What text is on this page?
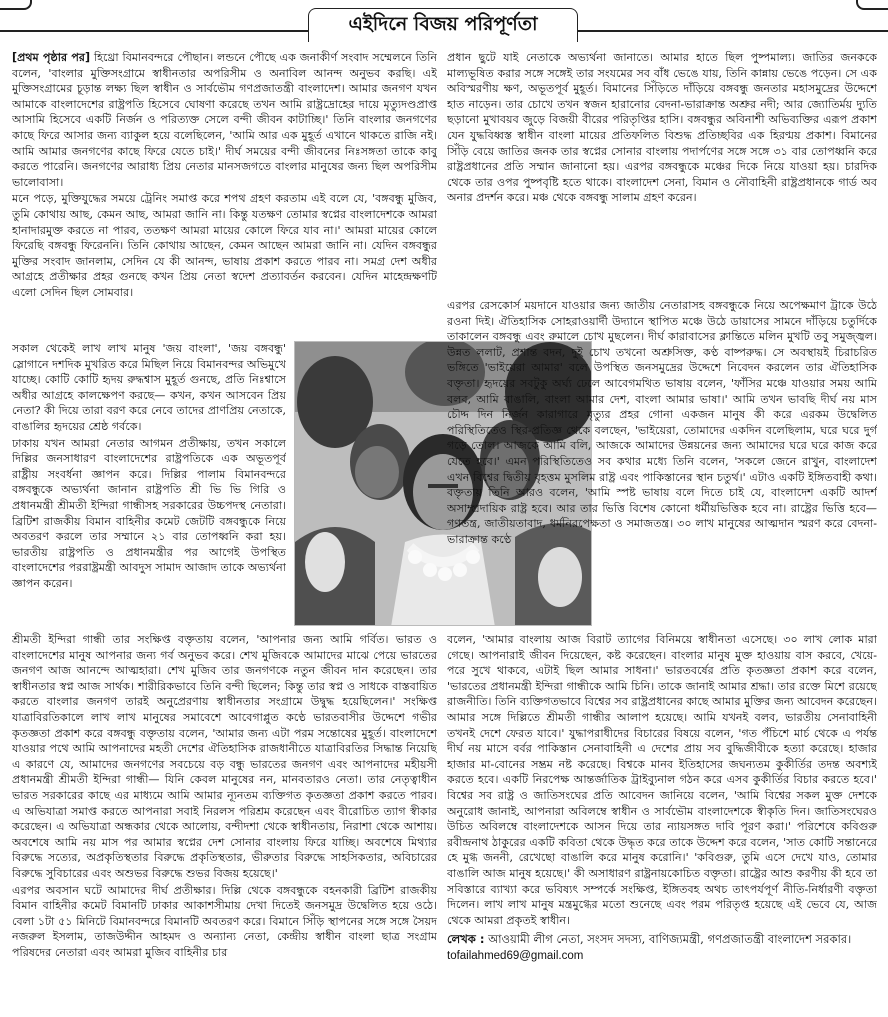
এইদিনে বিজয় পরিপূর্ণতা

[প্রথম পৃষ্ঠার পর] হিথ্রো বিমানবন্দরে পৌছান। লন্ডনে পৌছে এক জনাকীর্ণ সংবাদ সম্মেলনে তিনি বলেন, 'বাংলার মুক্তিসংগ্রামে স্বাধীনতার অপরিসীম ও অনাবিল আনন্দ অনুভব করছি। এই মুক্তিসংগ্রামের চূড়ান্ত লক্ষ্য ছিল স্বাধীন ও সার্বভৌম গণপ্রজাতন্ত্রী বাংলাদেশ। আমার জনগণ যখন আমাকে বাংলাদেশের রাষ্ট্রপতি হিসেবে ঘোষণা করেছে তখন আমি রাষ্ট্রদ্রোহের দায়ে মৃত্যুদণ্ডপ্রাপ্ত আসামি হিসেবে একটি নির্জন ও পরিত্যক্ত সেলে বন্দী জীবন কাটাচ্ছি।' তিনি বাংলার জনগণের কাছে ফিরে আসার জন্য ব্যাকুল হয়ে বলেছিলেন, 'আমি আর এক মুহূর্ত এখানে থাকতে রাজি নই। আমি আমার জনগণের কাছে ফিরে যেতে চাই।' দীর্ঘ সময়ের বন্দী জীবনের নিঃসঙ্গতা তাকে কাবু করতে পারেনি। জনগণের আরাধ্য প্রিয় নেতার মানসজগতে বাংলার মানুষের জন্য ছিল অপরিসীম ভালোবাসা।

মনে পড়ে, মুক্তিযুদ্ধের সময়ে ট্রেনিং সমাপ্ত করে শপথ গ্রহণ করতাম এই বলে যে, 'বঙ্গবন্ধু মুজিব, তুমি কোথায় আছ, কেমন আছ, আমরা জানি না। কিন্তু যতক্ষণ তোমার স্বপ্নের বাংলাদেশকে আমরা হানাদারমুক্ত করতে না পারব, ততক্ষণ আমরা মায়ের কোলে ফিরে যাব না।' আমরা মায়ের কোলে ফিরেছি বঙ্গবন্ধু ফিরেননি। তিনি কোথায় আছেন, কেমন আছেন আমরা জানি না। যেদিন বঙ্গবন্ধুর মুক্তির সংবাদ জানলাম, সেদিন যে কী আনন্দ, ভাষায় প্রকাশ করতে পারব না। সমগ্র দেশ অধীর আগ্রহে প্রতীক্ষার প্রহর গুনছে কখন প্রিয় নেতা স্বদেশ প্রত্যাবর্তন করবেন। যেদিন মাহেন্দ্রক্ষণটি এলো সেদিন ছিল সোমবার।

সকাল থেকেই লাখ লাখ মানুষ 'জয় বাংলা', 'জয় বঙ্গবন্ধু' স্লোগানে দশদিক মুখরিত করে মিছিল নিয়ে বিমানবন্দর অভিমুখে যাচ্ছে। কোটি কোটি হৃদয় রুদ্ধশ্বাস মুহূর্ত গুনছে, প্রতি নিঃশ্বাসে অধীর আগ্রহে কালক্ষেপণ করছে— কখন, কখন আসবেন প্রিয় নেতা? কী দিয়ে তারা বরণ করে নেবে তাদের প্রাণপ্রিয় নেতাকে, বাঙালির হৃদয়ের শ্রেষ্ঠ গর্বকে।

ঢাকায় যখন আমরা নেতার আগমন প্রতীক্ষায়, তখন সকালে দিল্লির জনসাধারণ বাংলাদেশের রাষ্ট্রপতিকে এক অভূতপূর্ব রাষ্ট্রীয় সংবর্ধনা জ্ঞাপন করে। দিল্লির পালাম বিমানবন্দরে বঙ্গবন্ধুকে অভ্যর্থনা জানান রাষ্ট্রপতি শ্রী ভি ভি গিরি ও প্রধানমন্ত্রী শ্রীমতী ইন্দিরা গান্ধীসহ সরকারের উচ্চপদস্থ নেতারা। ব্রিটিশ রাজকীয় বিমান বাহিনীর কমেট জেটটি বঙ্গবন্ধুকে নিয়ে অবতরণ করলে তার সম্মানে ২১ বার তোপধ্বনি করা হয়। ভারতীয় রাষ্ট্রপতি ও প্রধানমন্ত্রীর পর আগেই উপস্থিত বাংলাদেশের পররাষ্ট্রমন্ত্রী আবদুস সামাদ আজাদ তাকে অভ্যর্থনা জ্ঞাপন করেন।

প্রধান ছুটে যাই নেতাকে অভ্যর্থনা জানাতে। আমার হাতে ছিল পুষ্পমাল্য। জাতির জনককে মাল্যভূষিত করার সঙ্গে সঙ্গেই তার সংযমের সব বাঁধ ভেঙে যায়, তিনি কান্নায় ভেঙে পড়েন। সে এক অবিস্মরণীয় ক্ষণ, অভূতপূর্ব মুহূর্ত। বিমানের সিঁড়িতে দাঁড়িয়ে বঙ্গবন্ধু জনতার মহাসমুদ্রের উদ্দেশে হাত নাড়েন। তার চোখে তখন স্বজন হারানোর বেদনা-ভারাক্রান্ত অশ্রুর নদী; আর জ্যোতির্ময় দ্যুতি ছড়ানো মুখাবয়ব জুড়ে বিজয়ী বীরের পরিতৃপ্তির হাসি। বঙ্গবন্ধুর অবিনাশী অভিব্যক্তির এরূপ প্রকাশ যেন যুদ্ধবিধ্বস্ত স্বাধীন বাংলা মায়ের প্রতিফলিত বিশুদ্ধ প্রতিচ্ছবির এক হিরণ্ময় প্রকাশ। বিমানের সিঁড়ি বেয়ে জাতির জনক তার স্বপ্নের সোনার বাংলায় পদার্পণের সঙ্গে সঙ্গে ৩১ বার তোপধ্বনি করে রাষ্ট্রপ্রধানের প্রতি সম্মান জানানো হয়। এরপর বঙ্গবন্ধুকে মঞ্চের দিকে নিয়ে যাওয়া হয়। চারদিক থেকে তার ওপর পুষ্পবৃষ্টি হতে থাকে। বাংলাদেশ সেনা, বিমান ও নৌবাহিনী রাষ্ট্রপ্রধানকে গার্ড অব অনার প্রদর্শন করে। মঞ্চ থেকে বঙ্গবন্ধু সালাম গ্রহণ করেন।

এরপর রেসকোর্স ময়দানে যাওয়ার জন্য জাতীয় নেতারাসহ বঙ্গবন্ধুকে নিয়ে অপেক্ষমাণ ট্রাকে উঠে রওনা দিই। ঐতিহাসিক সোহরাওয়ার্দী উদ্যানে স্থাপিত মঞ্চে উঠে ডায়াসের সামনে দাঁড়িয়ে চতুর্দিকে তাকালেন বঙ্গবন্ধু এবং রুমালে চোখ মুছলেন। দীর্ঘ কারাবাসের ক্লান্তিতে মলিন মুখটি তবু সমুজ্জ্বল। উন্নত ললাট, প্রশান্ত বদন, দুই চোখ তখনো অশ্রুসিক্ত, কণ্ঠ বাষ্পরুদ্ধ। সে অবস্থায়ই চিরাচরিত ভঙ্গিতে 'ভাইয়েরা আমার' বলে উপস্থিত জনসমুদ্রের উদ্দেশে নিবেদন করলেন তার ঐতিহাসিক বক্তৃতা। হৃদয়ের সবটুকু অর্ঘ্য ঢেলে আবেগমথিত ভাষায় বলেন, 'ফাঁসির মঞ্চে যাওয়ার সময় আমি বলব, আমি বাঙালি, বাংলা আমার দেশ, বাংলা আমার ভাষা।' আমি তখন ভাবছি দীর্ঘ নয় মাস চৌদ্দ দিন নির্জন কারাগারে মৃত্যুর প্রহর গোনা একজন মানুষ কী করে এরকম উদ্বেলিত পরিস্থিতিতেও স্থির-প্রতিজ্ঞ থেকে বলছেন, 'ভাইয়েরা, তোমাদের একদিন বলেছিলাম, ঘরে ঘরে দুর্গ গড়ে তোল। আজকে আমি বলি, আজকে আমাদের উন্নয়নের জন্য আমাদের ঘরে ঘরে কাজ করে যেতে হবে।' এমন পরিস্থিতিতেও সব কথার মধ্যে তিনি বলেন, 'সকলে জেনে রাখুন, বাংলাদেশ এখন বিশ্বের দ্বিতীয় বৃহত্তম মুসলিম রাষ্ট্র এবং পাকিস্তানের স্থান চতুর্থ।' এটাও একটি ইঙ্গিতবাহী কথা। বক্তৃতায় তিনি আরও বলেন, 'আমি স্পষ্ট ভাষায় বলে দিতে চাই যে, বাংলাদেশ একটি আদর্শ অসাম্প্রদায়িক রাষ্ট্র হবে। আর তার ভিত্তি বিশেষ কোনো ধর্মীয়ভিত্তিক হবে না। রাষ্ট্রের ভিত্তি হবে— গণতন্ত্র, জাতীয়তাবাদ, ধর্মনিরপেক্ষতা ও সমাজতন্ত্র। ৩০ লাখ মানুষের আত্মদান স্মরণ করে বেদনা-ভারাক্রান্ত কণ্ঠে

শ্রীমতী ইন্দিরা গান্ধী তার সংক্ষিপ্ত বক্তৃতায় বলেন, 'আপনার জন্য আমি গর্বিত। ভারত ও বাংলাদেশের মানুষ আপনার জন্য গর্ব অনুভব করে। শেখ মুজিবকে আমাদের মাঝে পেয়ে ভারতের জনগণ আজ আনন্দে আত্মহারা। শেখ মুজিব তার জনগণকে নতুন জীবন দান করেছেন। তার স্বাধীনতার স্বপ্ন আজ সার্থক। শারীরিকভাবে তিনি বন্দী ছিলেন; কিন্তু তার স্বপ্ন ও সাধকে বাস্তবায়িত করতে বাংলার জনগণ তারই অনুপ্রেরণায় স্বাধীনতার সংগ্রামে উদ্বুদ্ধ হয়েছিলেন।' সংক্ষিপ্ত যাত্রাবিরতিকালে লাখ লাখ মানুষের সমাবেশে আবেগাপ্লুত কণ্ঠে ভারতবাসীর উদ্দেশে গভীর কৃতজ্ঞতা প্রকাশ করে বঙ্গবন্ধু বক্তৃতায় বলেন, 'আমার জন্য এটা পরম সন্তোষের মুহূর্ত। বাংলাদেশে যাওয়ার পথে আমি আপনাদের মহতী দেশের ঐতিহাসিক রাজধানীতে যাত্রাবিরতির সিদ্ধান্ত নিয়েছি এ কারণে যে, আমাদের জনগণের সবচেয়ে বড় বন্ধু ভারতের জনগণ এবং আপনাদের মহীয়সী প্রধানমন্ত্রী শ্রীমতী ইন্দিরা গান্ধী— যিনি কেবল মানুষের নন, মানবতারও নেতা। তার নেতৃত্বাধীন ভারত সরকারের কাছে এর মাধ্যমে আমি আমার ন্যূনতম ব্যক্তিগত কৃতজ্ঞতা প্রকাশ করতে পারব। এ অভিযাত্রা সমাপ্ত করতে আপনারা সবাই নিরলস পরিশ্রম করেছেন এবং বীরোচিত ত্যাগ স্বীকার করেছেন। এ অভিযাত্রা অন্ধকার থেকে আলোয়, বন্দীদশা থেকে স্বাধীনতায়, নিরাশা থেকে আশায়। অবশেষে আমি নয় মাস পর আমার স্বপ্নের দেশ সোনার বাংলায় ফিরে যাচ্ছি। অবশেষে মিথ্যার বিরুদ্ধে সত্যের, অপ্রকৃতিস্থতার বিরুদ্ধে প্রকৃতিস্থতার, ভীরুতার বিরুদ্ধে সাহসিকতার, অবিচারের বিরুদ্ধে সুবিচারের এবং অশুভর বিরুদ্ধে শুভর বিজয় হয়েছে।'

এরপর অবসান ঘটে আমাদের দীর্ঘ প্রতীক্ষার। দিল্লি থেকে বঙ্গবন্ধুকে বহনকারী ব্রিটিশ রাজকীয় বিমান বাহিনীর কমেট বিমানটি ঢাকার আকাশসীমায় দেখা দিতেই জনসমুদ্র উদ্বেলিত হয়ে ওঠে। বেলা ১টা ৫১ মিনিটে বিমানবন্দরে বিমানটি অবতরণ করে। বিমানে সিঁড়ি স্থাপনের সঙ্গে সঙ্গে সৈয়দ নজরুল ইসলাম, তাজউদ্দীন আহমদ ও অন্যান্য নেতা, কেন্দ্রীয় স্বাধীন বাংলা ছাত্র সংগ্রাম পরিষদের নেতারা এবং আমরা মুজিব বাহিনীর চার

বলেন, 'আমার বাংলায় আজ বিরাট ত্যাগের বিনিময়ে স্বাধীনতা এসেছে। ৩০ লাখ লোক মারা গেছে। আপনারাই জীবন দিয়েছেন, কষ্ট করেছেন। বাংলার মানুষ মুক্ত হাওয়ায় বাস করবে, খেয়ে-পরে সুখে থাকবে, এটাই ছিল আমার সাধনা।' ভারতবর্ষের প্রতি কৃতজ্ঞতা প্রকাশ করে বলেন, 'ভারতের প্রধানমন্ত্রী ইন্দিরা গান্ধীকে আমি চিনি। তাকে জানাই আমার শ্রদ্ধা। তার রক্তে মিশে রয়েছে রাজনীতি। তিনি ব্যক্তিগতভাবে বিশ্বের সব রাষ্ট্রপ্রধানের কাছে আমার মুক্তির জন্য আবেদন করেছেন। আমার সঙ্গে দিল্লিতে শ্রীমতী গান্ধীর আলাপ হয়েছে। আমি যখনই বলব, ভারতীয় সেনাবাহিনী তখনই দেশে ফেরত যাবে।' যুদ্ধাপরাধীদের বিচারের বিষয়ে বলেন, 'গত পঁচিশে মার্চ থেকে এ পর্যন্ত দীর্ঘ নয় মাসে বর্বর পাকিস্তান সেনাবাহিনী এ দেশের প্রায় সব বুদ্ধিজীবীকে হত্যা করেছে। হাজার হাজার মা-বোনের সম্ভ্রম নষ্ট করেছে। বিশ্বকে মানব ইতিহাসের জঘন্যতম কুকীর্তির তদন্ত অবশ্যই করতে হবে। একটি নিরপেক্ষ আন্তর্জাতিক ট্রাইব্যুনাল গঠন করে এসব কুকীর্তির বিচার করতে হবে।' বিশ্বের সব রাষ্ট্র ও জাতিসংঘের প্রতি আবেদন জানিয়ে বলেন, 'আমি বিশ্বের সকল মুক্ত দেশকে অনুরোধ জানাই, আপনারা অবিলম্বে স্বাধীন ও সার্বভৌম বাংলাদেশকে স্বীকৃতি দিন। জাতিসংঘেরও উচিত অবিলম্বে বাংলাদেশকে আসন দিয়ে তার ন্যায়সঙ্গত দাবি পূরণ করা।' পরিশেষে কবিগুরু রবীন্দ্রনাথ ঠাকুরের একটি কবিতা থেকে উদ্ধৃত করে তাকে উদ্দেশ করে বলেন, 'সাত কোটি সন্তানেরে হে মুগ্ধ জননী, রেখেছো বাঙালি করে মানুষ করোনি।' 'কবিগুরু, তুমি এসে দেখে যাও, তোমার বাঙালি আজ মানুষ হয়েছে।' কী অসাধারণ রাষ্ট্রনায়কোচিত বক্তৃতা। রাষ্ট্রের আশু করণীয় কী হবে তা সবিস্তারে ব্যাখ্যা করে ভবিষ্যৎ সম্পর্কে সংক্ষিপ্ত, ইঙ্গিতবহ অথচ তাৎপর্যপূর্ণ নীতি-নির্ধারণী বক্তৃতা দিলেন। লাখ লাখ মানুষ মন্ত্রমুগ্ধের মতো শুনেছে এবং পরম পরিতৃপ্ত হয়েছে এই ভেবে যে, আজ থেকে আমরা প্রকৃতই স্বাধীন।

লেখক : আওয়ামী লীগ নেতা, সংসদ সদস্য, বাণিজ্যমন্ত্রী, গণপ্রজাতন্ত্রী বাংলাদেশ সরকার। tofailahmed69@gmail.com
